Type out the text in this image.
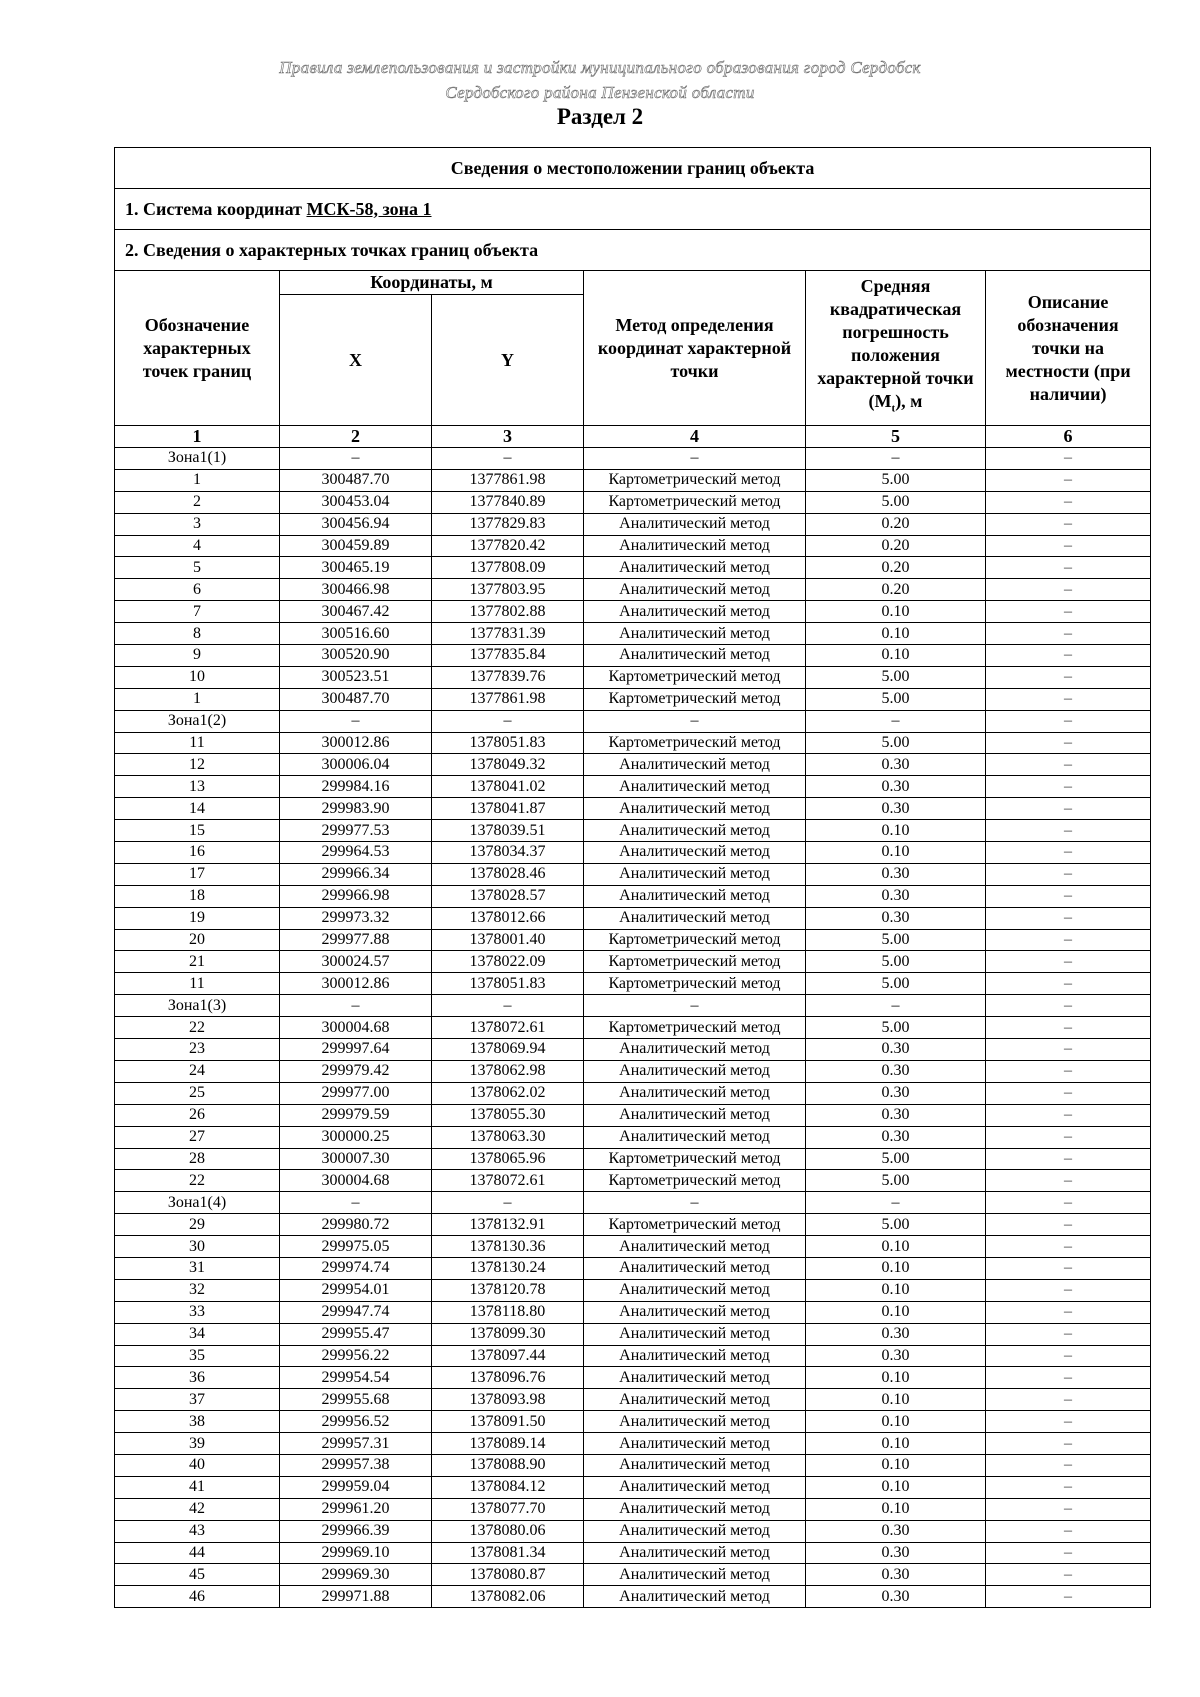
Правила землепользования и застройки муниципального образования город Сердобск
Сердобского района Пензенской области
Раздел 2
Сведения о местоположении границ объекта					
1. Система координат МСК-58, зона 1					
2. Сведения о характерных точках границ объекта					
Обозначение характерных точек границ	Координаты, м		Метод определения координат характерной точки	Средняя квадратическая погрешность положения характерной точки $(M_t)$, м	Описание обозначения точки на местности (при наличии)
	X	Y			
1	2	3	4	5	6
Зона1(1)	–	–	–	–	–
1	300487.70	1377861.98	Картометрический метод	5.00	–
2	300453.04	1377840.89	Картометрический метод	5.00	–
3	300456.94	1377829.83	Аналитический метод	0.20	–
4	300459.89	1377820.42	Аналитический метод	0.20	–
5	300465.19	1377808.09	Аналитический метод	0.20	–
6	300466.98	1377803.95	Аналитический метод	0.20	–
7	300467.42	1377802.88	Аналитический метод	0.10	–
8	300516.60	1377831.39	Аналитический метод	0.10	–
9	300520.90	1377835.84	Аналитический метод	0.10	–
10	300523.51	1377839.76	Картометрический метод	5.00	–
1	300487.70	1377861.98	Картометрический метод	5.00	–
Зона1(2)	–	–	–	–	–
11	300012.86	1378051.83	Картометрический метод	5.00	–
12	300006.04	1378049.32	Аналитический метод	0.30	–
13	299984.16	1378041.02	Аналитический метод	0.30	–
14	299983.90	1378041.87	Аналитический метод	0.30	–
15	299977.53	1378039.51	Аналитический метод	0.10	–
16	299964.53	1378034.37	Аналитический метод	0.10	–
17	299966.34	1378028.46	Аналитический метод	0.30	–
18	299966.98	1378028.57	Аналитический метод	0.30	–
19	299973.32	1378012.66	Аналитический метод	0.30	–
20	299977.88	1378001.40	Картометрический метод	5.00	–
21	300024.57	1378022.09	Картометрический метод	5.00	–
11	300012.86	1378051.83	Картометрический метод	5.00	–
Зона1(3)	–	–	–	–	–
22	300004.68	1378072.61	Картометрический метод	5.00	–
23	299997.64	1378069.94	Аналитический метод	0.30	–
24	299979.42	1378062.98	Аналитический метод	0.30	–
25	299977.00	1378062.02	Аналитический метод	0.30	–
26	299979.59	1378055.30	Аналитический метод	0.30	–
27	300000.25	1378063.30	Аналитический метод	0.30	–
28	300007.30	1378065.96	Картометрический метод	5.00	–
22	300004.68	1378072.61	Картометрический метод	5.00	–
Зона1(4)	–	–	–	–	–
29	299980.72	1378132.91	Картометрический метод	5.00	–
30	299975.05	1378130.36	Аналитический метод	0.10	–
31	299974.74	1378130.24	Аналитический метод	0.10	–
32	299954.01	1378120.78	Аналитический метод	0.10	–
33	299947.74	1378118.80	Аналитический метод	0.10	–
34	299955.47	1378099.30	Аналитический метод	0.30	–
35	299956.22	1378097.44	Аналитический метод	0.30	–
36	299954.54	1378096.76	Аналитический метод	0.10	–
37	299955.68	1378093.98	Аналитический метод	0.10	–
38	299956.52	1378091.50	Аналитический метод	0.10	–
39	299957.31	1378089.14	Аналитический метод	0.10	–
40	299957.38	1378088.90	Аналитический метод	0.10	–
41	299959.04	1378084.12	Аналитический метод	0.10	–
42	299961.20	1378077.70	Аналитический метод	0.10	–
43	299966.39	1378080.06	Аналитический метод	0.30	–
44	299969.10	1378081.34	Аналитический метод	0.30	–
45	299969.30	1378080.87	Аналитический метод	0.30	–
46	299971.88	1378082.06	Аналитический метод	0.30	–
